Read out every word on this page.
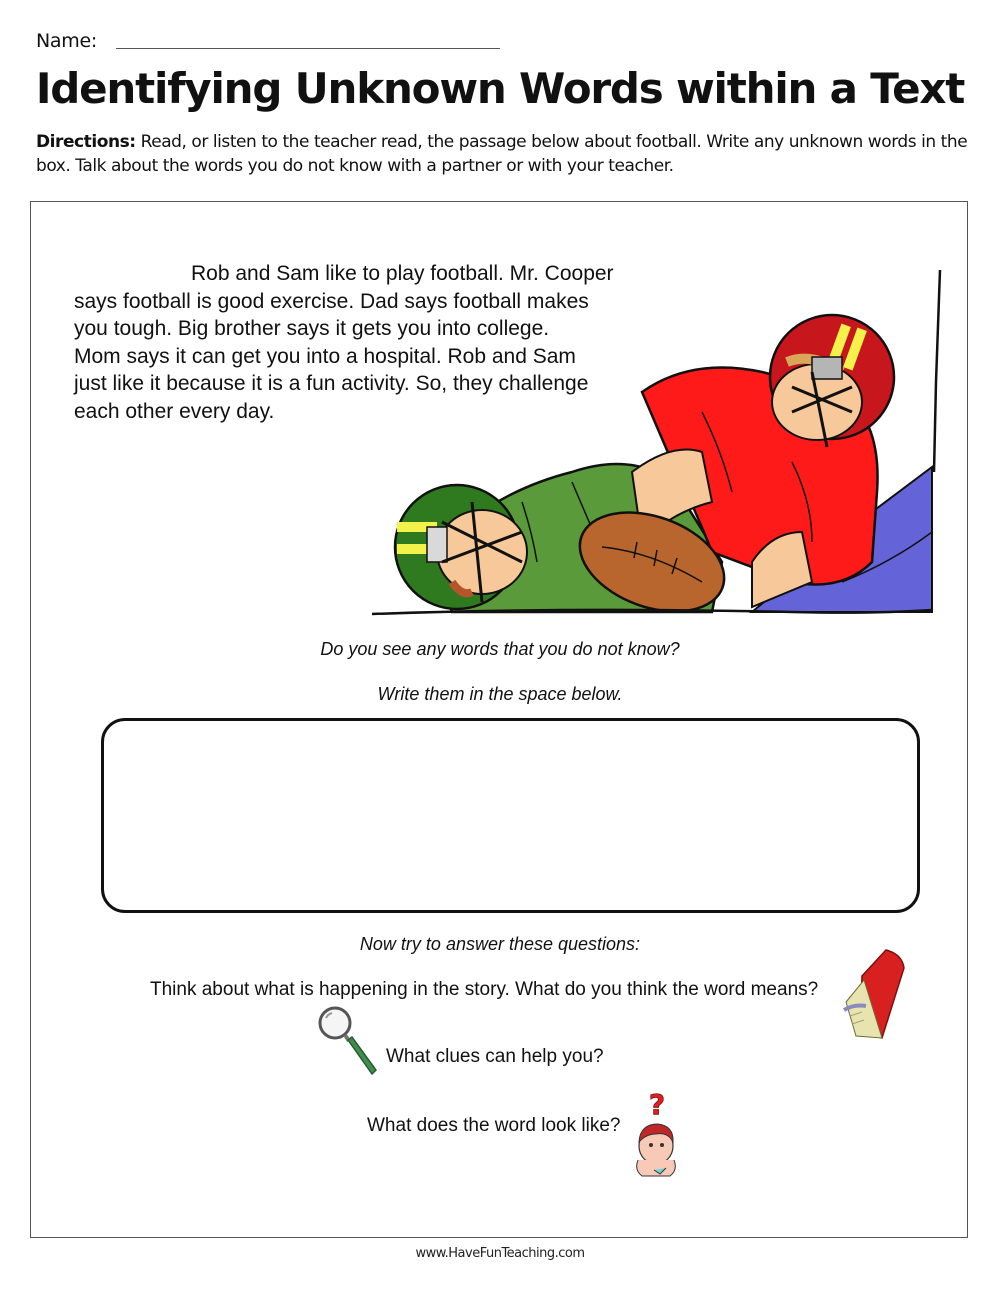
Name:
Identifying Unknown Words within a Text
Directions: Read, or listen to the teacher read, the passage below about football. Write any unknown words in the box. Talk about the words you do not know with a partner or with your teacher.
Rob and Sam like to play football. Mr. Cooper
says football is good exercise. Dad says football makes
you tough. Big brother says it gets you into college.
Mom says it can get you into a hospital. Rob and Sam
just like it because it is a fun activity. So, they challenge
each other every day.
Do you see any words that you do not know?
Write them in the space below.
Now try to answer these questions:
Think about what is happening in the story. What do you think the word means?
What clues can help you?
What does the word look like?
?
www.HaveFunTeaching.com
